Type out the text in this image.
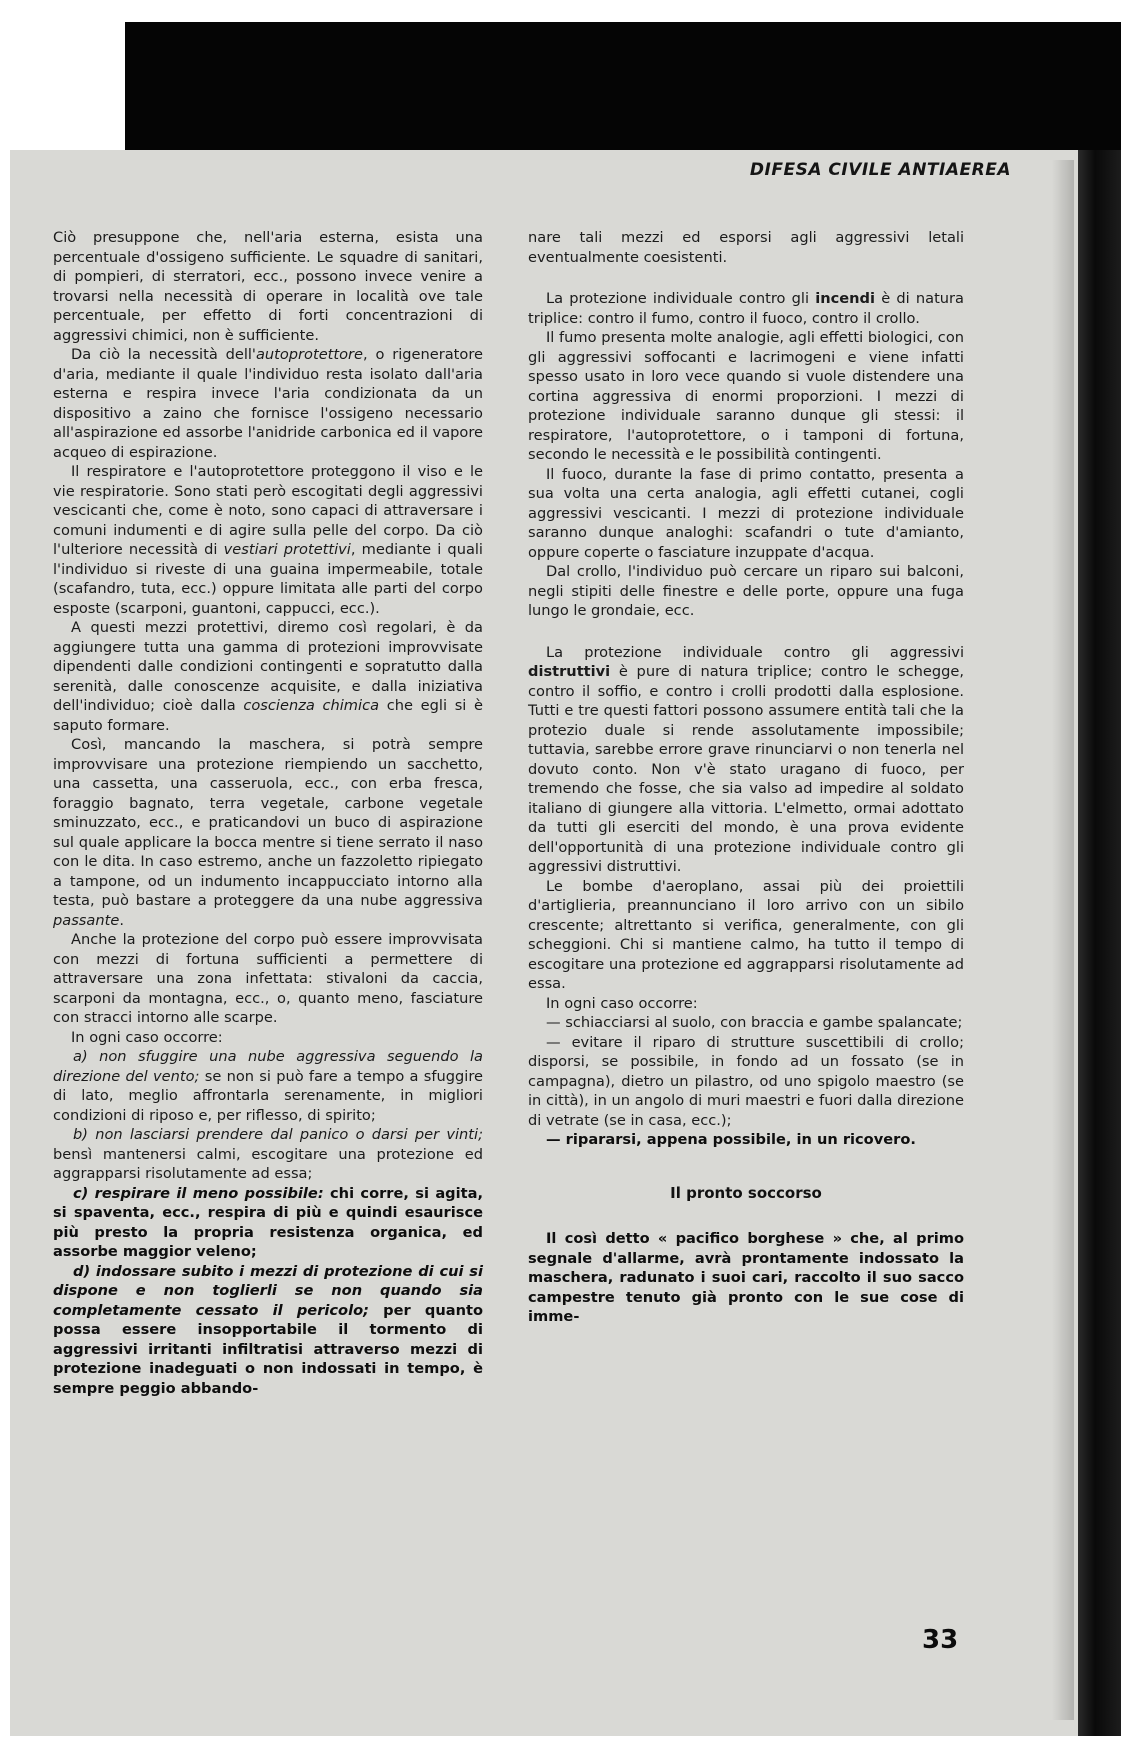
DIFESA CIVILE ANTIAEREA

Ciò presuppone che, nell'aria esterna, esista una percentuale d'ossigeno sufficiente. Le squadre di sanitari, di pompieri, di sterratori, ecc., possono invece venire a trovarsi nella necessità di operare in località ove tale percentuale, per effetto di forti concentrazioni di aggressivi chimici, non è sufficiente.

Da ciò la necessità dell'autoprotettore, o rigeneratore d'aria, mediante il quale l'individuo resta isolato dall'aria esterna e respira invece l'aria condizionata da un dispositivo a zaino che fornisce l'ossigeno necessario all'aspirazione ed assorbe l'anidride carbonica ed il vapore acqueo di espirazione.

Il respiratore e l'autoprotettore proteggono il viso e le vie respiratorie. Sono stati però escogitati degli aggressivi vescicanti che, come è noto, sono capaci di attraversare i comuni indumenti e di agire sulla pelle del corpo. Da ciò l'ulteriore necessità di vestiari protettivi, mediante i quali l'individuo si riveste di una guaina impermeabile, totale (scafandro, tuta, ecc.) oppure limitata alle parti del corpo esposte (scarponi, guantoni, cappucci, ecc.).

A questi mezzi protettivi, diremo così regolari, è da aggiungere tutta una gamma di protezioni improvvisate dipendenti dalle condizioni contingenti e sopratutto dalla serenità, dalle conoscenze acquisite, e dalla iniziativa dell'individuo; cioè dalla coscienza chimica che egli si è saputo formare.

Così, mancando la maschera, si potrà sempre improvvisare una protezione riempiendo un sacchetto, una cassetta, una casseruola, ecc., con erba fresca, foraggio bagnato, terra vegetale, carbone vegetale sminuzzato, ecc., e praticandovi un buco di aspirazione sul quale applicare la bocca mentre si tiene serrato il naso con le dita. In caso estremo, anche un fazzoletto ripiegato a tampone, od un indumento incappucciato intorno alla testa, può bastare a proteggere da una nube aggressiva passante.

Anche la protezione del corpo può essere improvvisata con mezzi di fortuna sufficienti a permettere di attraversare una zona infettata: stivaloni da caccia, scarponi da montagna, ecc., o, quanto meno, fasciature con stracci intorno alle scarpe.

In ogni caso occorre:

a) non sfuggire una nube aggressiva seguendo la direzione del vento; se non si può fare a tempo a sfuggire di lato, meglio affrontarla serenamente, in migliori condizioni di riposo e, per riflesso, di spirito;

b) non lasciarsi prendere dal panico o darsi per vinti; bensì mantenersi calmi, escogitare una protezione ed aggrapparsi risolutamente ad essa;

c) respirare il meno possibile: chi corre, si agita, si spaventa, ecc., respira di più e quindi esaurisce più presto la propria resistenza organica, ed assorbe maggior veleno;

d) indossare subito i mezzi di protezione di cui si dispone e non toglierli se non quando sia completamente cessato il pericolo; per quanto possa essere insopportabile il tormento di aggressivi irritanti infiltratisi attraverso mezzi di protezione inadeguati o non indossati in tempo, è sempre peggio abbando-

nare tali mezzi ed esporsi agli aggressivi letali eventualmente coesistenti.

La protezione individuale contro gli incendi è di natura triplice: contro il fumo, contro il fuoco, contro il crollo.

Il fumo presenta molte analogie, agli effetti biologici, con gli aggressivi soffocanti e lacrimogeni e viene infatti spesso usato in loro vece quando si vuole distendere una cortina aggressiva di enormi proporzioni. I mezzi di protezione individuale saranno dunque gli stessi: il respiratore, l'autoprotettore, o i tamponi di fortuna, secondo le necessità e le possibilità contingenti.

Il fuoco, durante la fase di primo contatto, presenta a sua volta una certa analogia, agli effetti cutanei, cogli aggressivi vescicanti. I mezzi di protezione individuale saranno dunque analoghi: scafandri o tute d'amianto, oppure coperte o fasciature inzuppate d'acqua.

Dal crollo, l'individuo può cercare un riparo sui balconi, negli stipiti delle finestre e delle porte, oppure una fuga lungo le grondaie, ecc.

La protezione individuale contro gli aggressivi distruttivi è pure di natura triplice; contro le schegge, contro il soffio, e contro i crolli prodotti dalla esplosione. Tutti e tre questi fattori possono assumere entità tali che la protezio duale si rende assolutamente impossibile; tuttavia, sarebbe errore grave rinunciarvi o non tenerla nel dovuto conto. Non v'è stato uragano di fuoco, per tremendo che fosse, che sia valso ad impedire al soldato italiano di giungere alla vittoria. L'elmetto, ormai adottato da tutti gli eserciti del mondo, è una prova evidente dell'opportunità di una protezione individuale contro gli aggressivi distruttivi.

Le bombe d'aeroplano, assai più dei proiettili d'artiglieria, preannunciano il loro arrivo con un sibilo crescente; altrettanto si verifica, generalmente, con gli scheggioni. Chi si mantiene calmo, ha tutto il tempo di escogitare una protezione ed aggrapparsi risolutamente ad essa.

In ogni caso occorre:

— schiacciarsi al suolo, con braccia e gambe spalancate;

— evitare il riparo di strutture suscettibili di crollo; disporsi, se possibile, in fondo ad un fossato (se in campagna), dietro un pilastro, od uno spigolo maestro (se in città), in un angolo di muri maestri e fuori dalla direzione di vetrate (se in casa, ecc.);

— ripararsi, appena possibile, in un ricovero.

Il pronto soccorso

Il così detto « pacifico borghese » che, al primo segnale d'allarme, avrà prontamente indossato la maschera, radunato i suoi cari, raccolto il suo sacco campestre tenuto già pronto con le sue cose di imme-

33
